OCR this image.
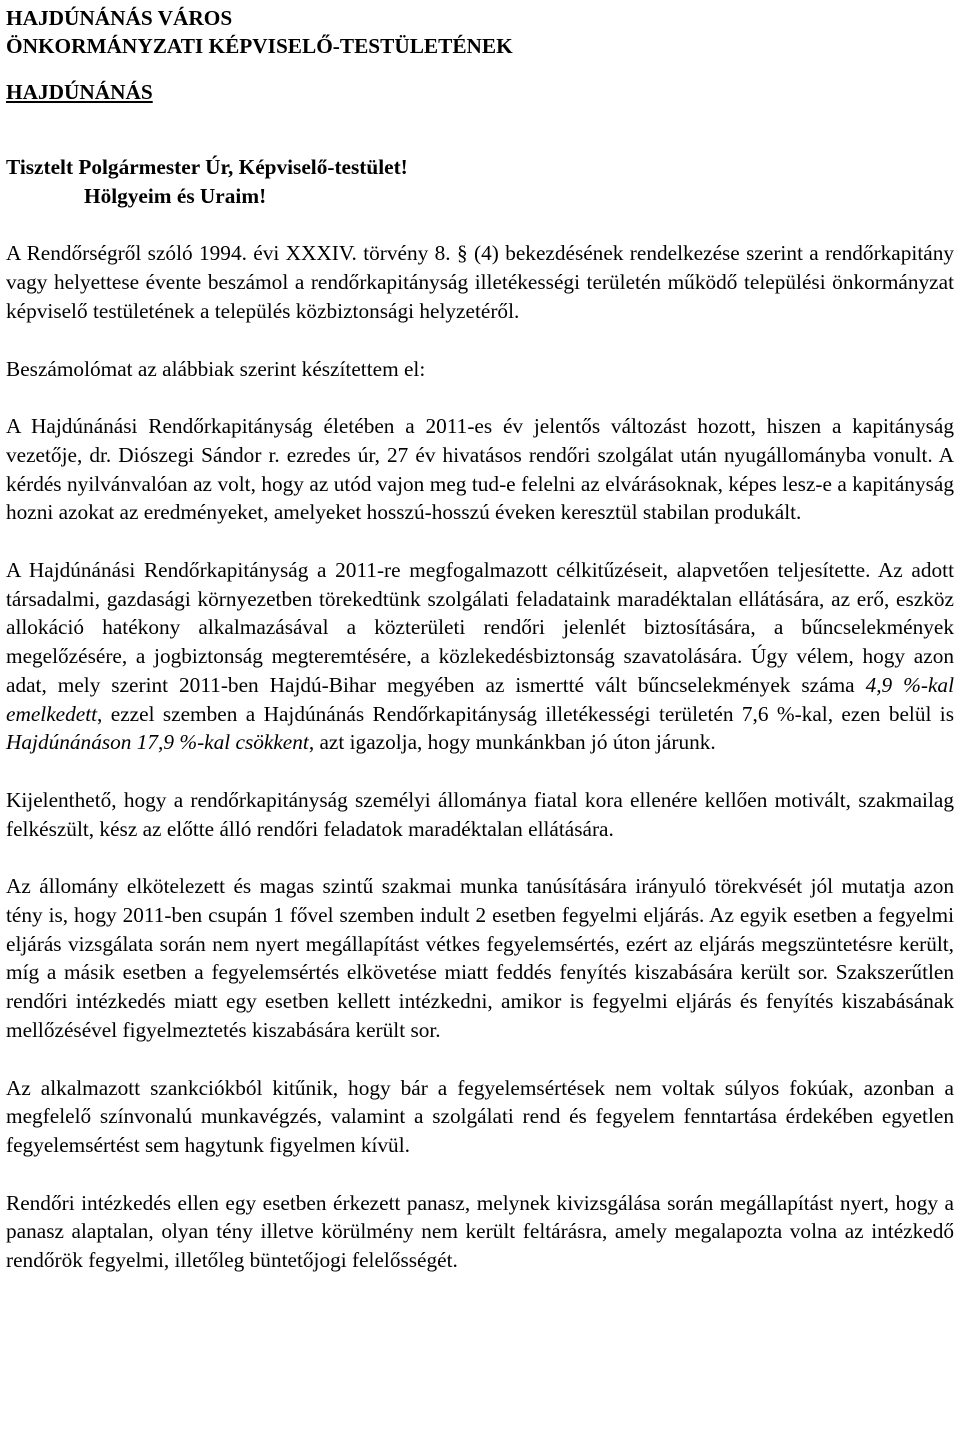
HAJDÚNÁNÁS VÁROS
ÖNKORMÁNYZATI KÉPVISELŐ-TESTÜLETÉNEK
HAJDÚNÁNÁS
Tisztelt Polgármester Úr, Képviselő-testület!
Hölgyeim és Uraim!

A Rendőrségről szóló 1994. évi XXXIV. törvény 8. § (4) bekezdésének rendelkezése szerint a rendőrkapitány vagy helyettese évente beszámol a rendőrkapitányság illetékességi területén működő települési önkormányzat képviselő testületének a település közbiztonsági helyzetéről.

Beszámolómat az alábbiak szerint készítettem el:

A Hajdúnánási Rendőrkapitányság életében a 2011-es év jelentős változást hozott, hiszen a kapitányság vezetője, dr. Diószegi Sándor r. ezredes úr, 27 év hivatásos rendőri szolgálat után nyugállományba vonult. A kérdés nyilvánvalóan az volt, hogy az utód vajon meg tud-e felelni az elvárásoknak, képes lesz-e a kapitányság hozni azokat az eredményeket, amelyeket hosszú-hosszú éveken keresztül stabilan produkált.

A Hajdúnánási Rendőrkapitányság a 2011-re megfogalmazott célkitűzéseit, alapvetően teljesítette. Az adott társadalmi, gazdasági környezetben törekedtünk szolgálati feladataink maradéktalan ellátására, az erő, eszköz allokáció hatékony alkalmazásával a közterületi rendőri jelenlét biztosítására, a bűncselekmények megelőzésére, a jogbiztonság megteremtésére, a közlekedésbiztonság szavatolására. Úgy vélem, hogy azon adat, mely szerint 2011-ben Hajdú-Bihar megyében az ismertté vált bűncselekmények száma 4,9 %-kal emelkedett, ezzel szemben a Hajdúnánás Rendőrkapitányság illetékességi területén 7,6 %-kal, ezen belül is Hajdúnánáson 17,9 %-kal csökkent, azt igazolja, hogy munkánkban jó úton járunk.

Kijelenthető, hogy a rendőrkapitányság személyi állománya fiatal kora ellenére kellően motivált, szakmailag felkészült, kész az előtte álló rendőri feladatok maradéktalan ellátására.

Az állomány elkötelezett és magas szintű szakmai munka tanúsítására irányuló törekvését jól mutatja azon tény is, hogy 2011-ben csupán 1 fővel szemben indult 2 esetben fegyelmi eljárás. Az egyik esetben a fegyelmi eljárás vizsgálata során nem nyert megállapítást vétkes fegyelemsértés, ezért az eljárás megszüntetésre került, míg a másik esetben a fegyelemsértés elkövetése miatt feddés fenyítés kiszabására került sor. Szakszerűtlen rendőri intézkedés miatt egy esetben kellett intézkedni, amikor is fegyelmi eljárás és fenyítés kiszabásának mellőzésével figyelmeztetés kiszabására került sor.

Az alkalmazott szankciókból kitűnik, hogy bár a fegyelemsértések nem voltak súlyos fokúak, azonban a megfelelő színvonalú munkavégzés, valamint a szolgálati rend és fegyelem fenntartása érdekében egyetlen fegyelemsértést sem hagytunk figyelmen kívül.

Rendőri intézkedés ellen egy esetben érkezett panasz, melynek kivizsgálása során megállapítást nyert, hogy a panasz alaptalan, olyan tény illetve körülmény nem került feltárásra, amely megalapozta volna az intézkedő rendőrök fegyelmi, illetőleg büntetőjogi felelősségét.
